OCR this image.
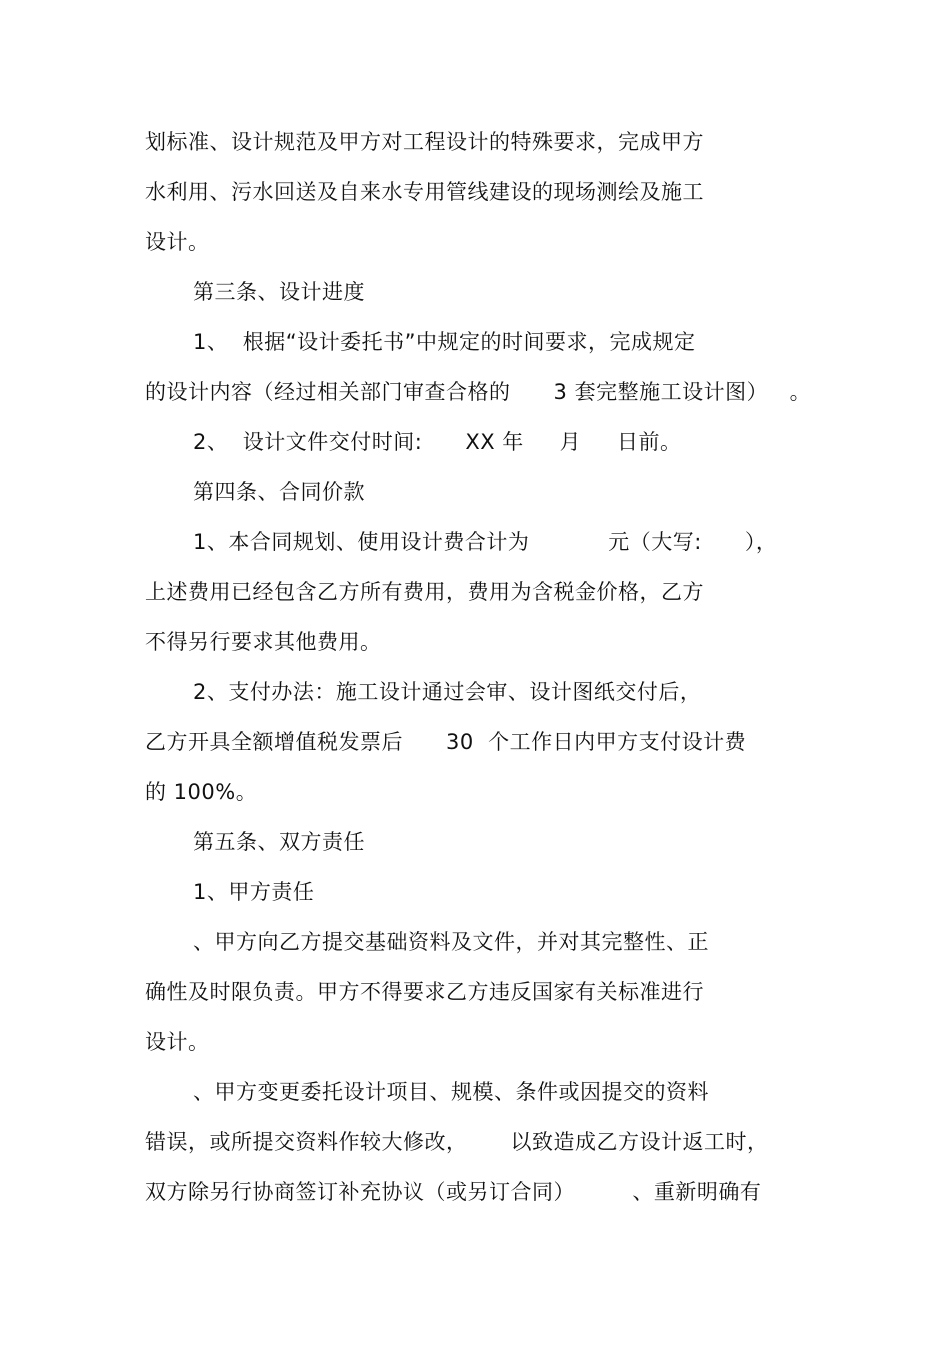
划标准、设计规范及甲方对工程设计的特殊要求，完成甲方
水利用、污水回送及自来水专用管线建设的现场测绘及施工
设计。
第三条、设计进度
1、  根据“设计委托书”中规定的时间要求，完成规定
的设计内容（经过相关部门审查合格的      3 套完整施工设计图）   。
2、  设计文件交付时间:      XX 年     月     日前。
第四条、合同价款
1、本合同规划、使用设计费合计为           元（大写:      ），
上述费用已经包含乙方所有费用，费用为含税金价格，乙方
不得另行要求其他费用。
2、支付办法：施工设计通过会审、设计图纸交付后，
乙方开具全额增值税发票后      30  个工作日内甲方支付设计费
的 100%。
第五条、双方责任
1、甲方责任
、甲方向乙方提交基础资料及文件，并对其完整性、正
确性及时限负责。甲方不得要求乙方违反国家有关标准进行
设计。
、甲方变更委托设计项目、规模、条件或因提交的资料
错误，或所提交资料作较大修改，      以致造成乙方设计返工时，
双方除另行协商签订补充协议（或另订合同）        、重新明确有
